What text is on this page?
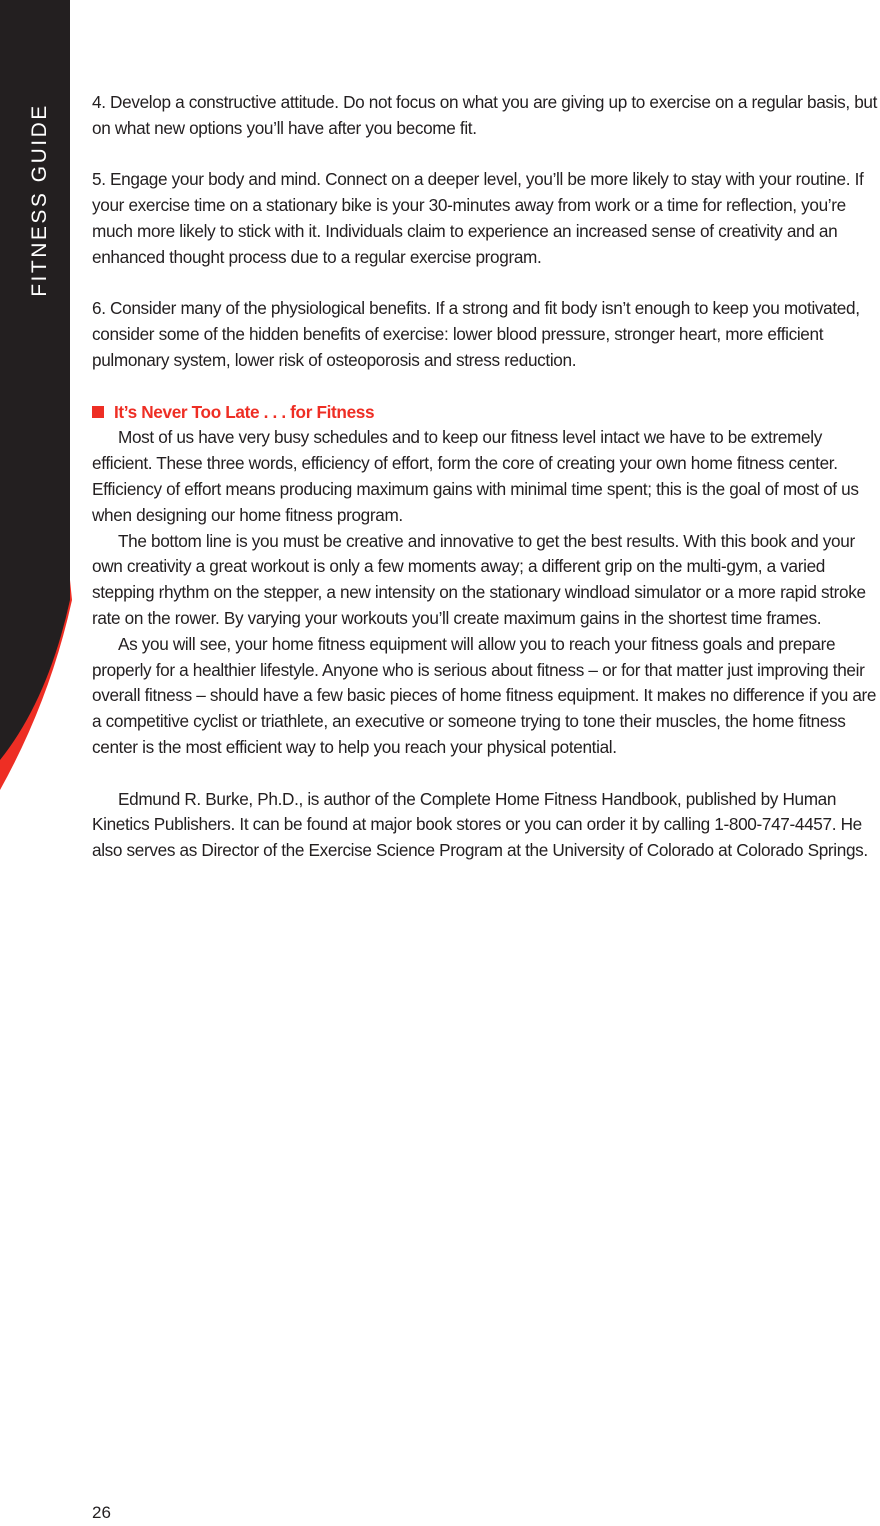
FITNESS GUIDE

4. Develop a constructive attitude. Do not focus on what you are giving up to exercise on a regular basis, but on what new options you’ll have after you become fit.

5. Engage your body and mind. Connect on a deeper level, you’ll be more likely to stay with your routine. If your exercise time on a stationary bike is your 30-minutes away from work or a time for reflection, you’re much more likely to stick with it. Individuals claim to experience an increased sense of creativity and an enhanced thought process due to a regular exercise program.

6. Consider many of the physiological benefits. If a strong and fit body isn’t enough to keep you motivated, consider some of the hidden benefits of exercise: lower blood pressure, stronger heart, more efficient pulmonary system, lower risk of osteoporosis and stress reduction.

It’s Never Too Late . . . for Fitness

Most of us have very busy schedules and to keep our fitness level intact we have to be extremely efficient. These three words, efficiency of effort, form the core of creating your own home fitness center. Efficiency of effort means producing maximum gains with minimal time spent; this is the goal of most of us when designing our home fitness program.

The bottom line is you must be creative and innovative to get the best results. With this book and your own creativity a great workout is only a few moments away; a different grip on the multi-gym, a varied stepping rhythm on the stepper, a new intensity on the stationary windload simulator or a more rapid stroke rate on the rower. By varying your workouts you’ll create maximum gains in the shortest time frames.

As you will see, your home fitness equipment will allow you to reach your fitness goals and prepare properly for a healthier lifestyle. Anyone who is serious about fitness – or for that matter just improving their overall fitness – should have a few basic pieces of home fitness equipment. It makes no difference if you are a competitive cyclist or triathlete, an executive or someone trying to tone their muscles, the home fitness center is the most efficient way to help you reach your physical potential.

Edmund R. Burke, Ph.D., is author of the Complete Home Fitness Handbook, published by Human Kinetics Publishers. It can be found at major book stores or you can order it by calling 1-800-747-4457. He also serves as Director of the Exercise Science Program at the University of Colorado at Colorado Springs.

26
